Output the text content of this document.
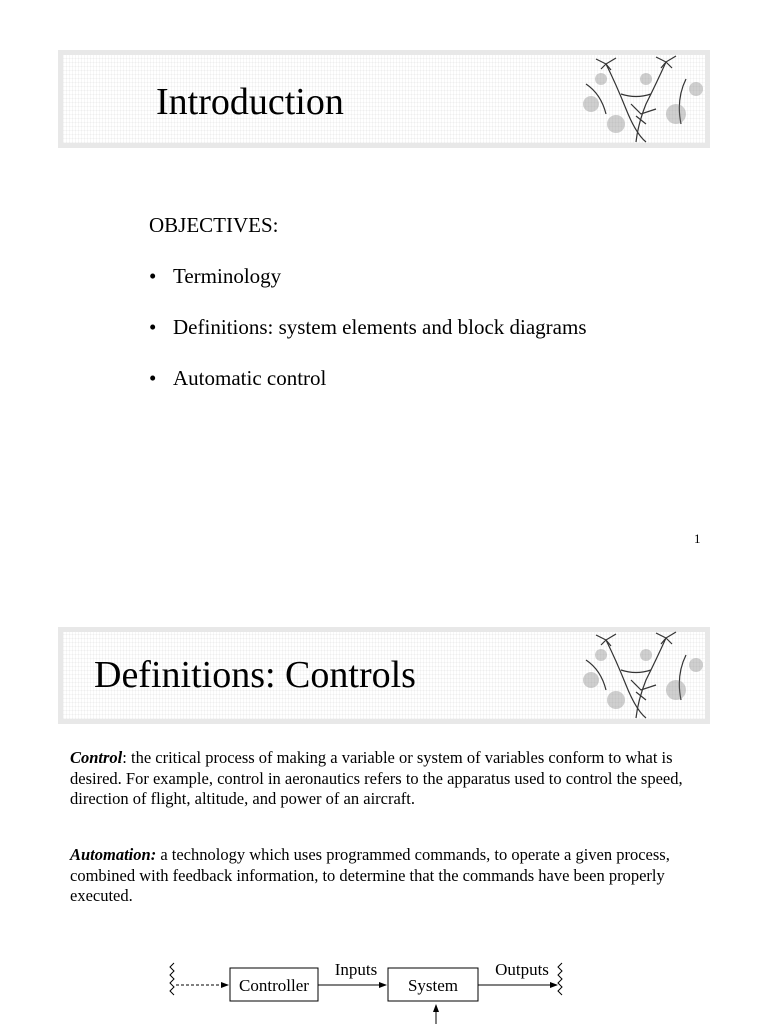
Introduction
OBJECTIVES:
• Terminology
• Definitions: system elements and block diagrams
• Automatic control
1
Definitions: Controls
Control: the critical process of making a variable or system of variables conform to what is desired. For example, control in aeronautics refers to the apparatus used to control the speed, direction of flight, altitude, and power of an aircraft.
Automation: a technology which uses programmed commands, to operate a given process, combined with feedback information, to determine that the commands have been properly executed.
Controller
Inputs
System
Outputs
